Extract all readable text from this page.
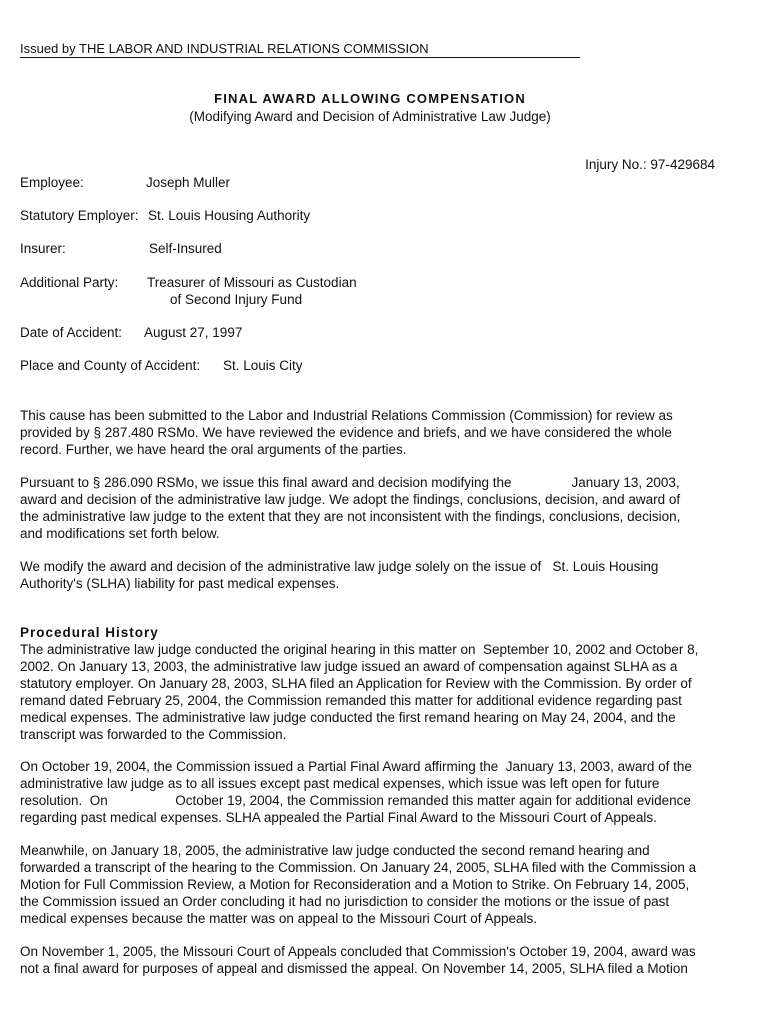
Issued by THE LABOR AND INDUSTRIAL RELATIONS COMMISSION
FINAL AWARD ALLOWING COMPENSATION
(Modifying Award and Decision of Administrative Law Judge)
Injury No.: 97-429684
Employee:	Joseph Muller
Statutory Employer: St. Louis Housing Authority
Insurer:	Self-Insured
Additional Party: Treasurer of Missouri as Custodian
of Second Injury Fund
Date of Accident: August 27, 1997
Place and County of Accident: St. Louis City
This cause has been submitted to the Labor and Industrial Relations Commission (Commission) for review as
provided by § 287.480 RSMo. We have reviewed the evidence and briefs, and we have considered the whole
record. Further, we have heard the oral arguments of the parties.
Pursuant to § 286.090 RSMo, we issue this final award and decision modifying the                January 13, 2003,
award and decision of the administrative law judge. We adopt the findings, conclusions, decision, and award of
the administrative law judge to the extent that they are not inconsistent with the findings, conclusions, decision,
and modifications set forth below.
We modify the award and decision of the administrative law judge solely on the issue of   St. Louis Housing
Authority's (SLHA) liability for past medical expenses.
Procedural History
The administrative law judge conducted the original hearing in this matter on  September 10, 2002 and October 8,
2002. On January 13, 2003, the administrative law judge issued an award of compensation against SLHA as a
statutory employer. On January 28, 2003, SLHA filed an Application for Review with the Commission. By order of
remand dated February 25, 2004, the Commission remanded this matter for additional evidence regarding past
medical expenses. The administrative law judge conducted the first remand hearing on May 24, 2004, and the
transcript was forwarded to the Commission.
On October 19, 2004, the Commission issued a Partial Final Award affirming the  January 13, 2003, award of the
administrative law judge as to all issues except past medical expenses, which issue was left open for future
resolution.  On                  October 19, 2004, the Commission remanded this matter again for additional evidence
regarding past medical expenses. SLHA appealed the Partial Final Award to the Missouri Court of Appeals.
Meanwhile, on January 18, 2005, the administrative law judge conducted the second remand hearing and
forwarded a transcript of the hearing to the Commission. On January 24, 2005, SLHA filed with the Commission a
Motion for Full Commission Review, a Motion for Reconsideration and a Motion to Strike. On February 14, 2005,
the Commission issued an Order concluding it had no jurisdiction to consider the motions or the issue of past
medical expenses because the matter was on appeal to the Missouri Court of Appeals.
On November 1, 2005, the Missouri Court of Appeals concluded that Commission's October 19, 2004, award was
not a final award for purposes of appeal and dismissed the appeal. On November 14, 2005, SLHA filed a Motion
